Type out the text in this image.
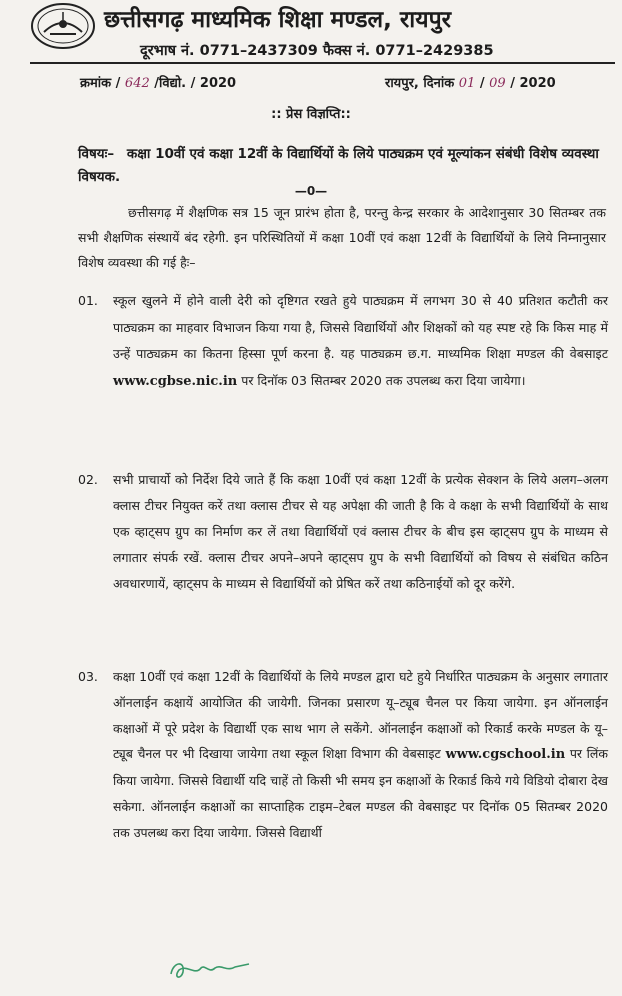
छत्तीसगढ़ माध्यमिक शिक्षा मण्डल, रायपुर
दूरभाष नं. 0771–2437309 फैक्स नं. 0771–2429385
क्रमांक / 642 /विद्यो. / 2020	रायपुर, दिनांक 01 / 09 / 2020
:: प्रेस विज्ञप्ति::
विषयः– कक्षा 10वीं एवं कक्षा 12वीं के विद्यार्थियों के लिये पाठ्यक्रम एवं मूल्यांकन संबंधी विशेष व्यवस्था विषयक.
—0—
छत्तीसगढ़ में शैक्षणिक सत्र 15 जून प्रारंभ होता है, परन्तु केन्द्र सरकार के आदेशानुसार 30 सितम्बर तक सभी शैक्षणिक संस्थायें बंद रहेगी. इन परिस्थितियों में कक्षा 10वीं एवं कक्षा 12वीं के विद्यार्थियों के लिये निम्नानुसार विशेष व्यवस्था की गई हैः–
01.	स्कूल खुलने में होने वाली देरी को दृष्टिगत रखते हुये पाठ्यक्रम में लगभग 30 से 40 प्रतिशत कटौती कर पाठ्यक्रम का माहवार विभाजन किया गया है, जिससे विद्यार्थियों और शिक्षकों को यह स्पष्ट रहे कि किस माह में उन्हें पाठ्यक्रम का कितना हिस्सा पूर्ण करना है. यह पाठ्यक्रम छ.ग. माध्यमिक शिक्षा मण्डल की वेबसाइट www.cgbse.nic.in पर दिनॉक 03 सितम्बर 2020 तक उपलब्ध करा दिया जायेगा।
02.	सभी प्राचार्यो को निर्देश दिये जाते हैं कि कक्षा 10वीं एवं कक्षा 12वीं के प्रत्येक सेक्शन के लिये अलग–अलग क्लास टीचर नियुक्त करें तथा क्लास टीचर से यह अपेक्षा की जाती है कि वे कक्षा के सभी विद्यार्थियों के साथ एक व्हाट्सप ग्रुप का निर्माण कर लें तथा विद्यार्थियों एवं क्लास टीचर के बीच इस व्हाट्सप ग्रुप के माध्यम से लगातार संपर्क रखें. क्लास टीचर अपने–अपने व्हाट्सप ग्रुप के सभी विद्यार्थियों को विषय से संबंधित कठिन अवधारणायें, व्हाट्सप के माध्यम से विद्यार्थियों को प्रेषित करें तथा कठिनाईयों को दूर करेंगे.
03.	कक्षा 10वीं एवं कक्षा 12वीं के विद्यार्थियों के लिये मण्डल द्वारा घटे हुये निर्धारित पाठ्यक्रम के अनुसार लगातार ऑनलाईन कक्षायें आयोजित की जायेगी. जिनका प्रसारण यू–ट्यूब चैनल पर किया जायेगा. इन ऑनलाईन कक्षाओं में पूरे प्रदेश के विद्यार्थी एक साथ भाग ले सकेंगे. ऑनलाईन कक्षाओं को रिकार्ड करके मण्डल के यू–ट्यूब चैनल पर भी दिखाया जायेगा तथा स्कूल शिक्षा विभाग की वेबसाइट www.cgschool.in पर लिंक किया जायेगा. जिससे विद्यार्थी यदि चाहें तो किसी भी समय इन कक्षाओं के रिकार्ड किये गये विडियो दोबारा देख सकेगा. ऑनलाईन कक्षाओं का साप्ताहिक टाइम–टेबल मण्डल की वेबसाइट पर दिनॉक 05 सितम्बर 2020 तक उपलब्ध करा दिया जायेगा. जिससे विद्यार्थी
